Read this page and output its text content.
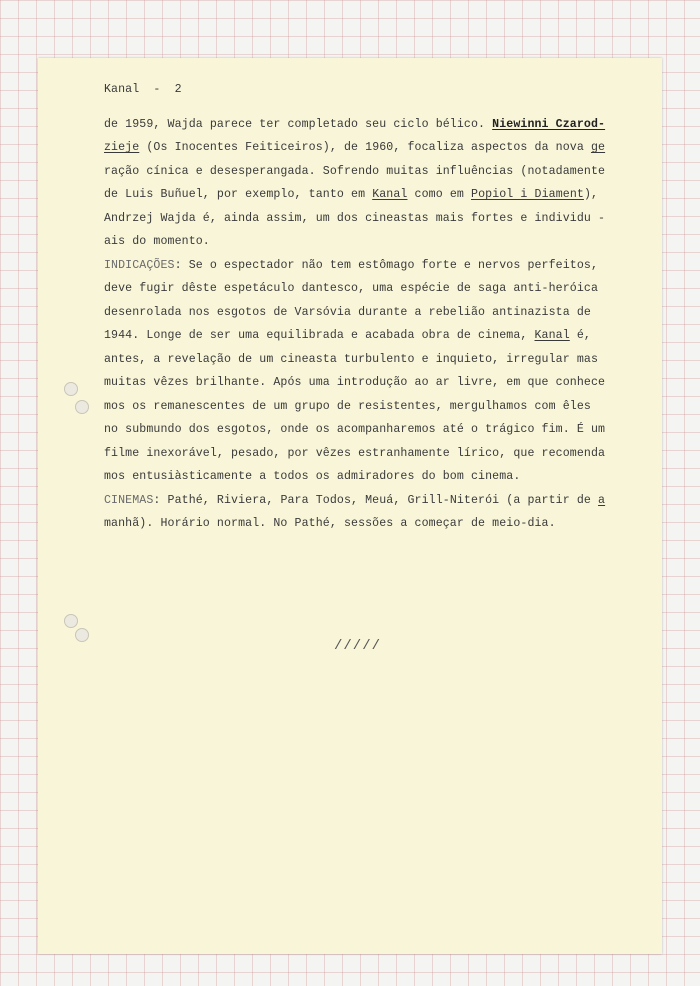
Kanal  -  2
de 1959, Wajda parece ter completado seu ciclo bélico. Niewinni Czarod-
zieje (Os Inocentes Feiticeiros), de 1960, focaliza aspectos da nova ge
ração cínica e desesperangada. Sofrendo muitas influências (notadamente
de Luis Buñuel, por exemplo, tanto em Kanal como em Popiol i Diament),
Andrzej Wajda é, ainda assim, um dos cineastas mais fortes e individu -
ais do momento.
INDICAÇÕES: Se o espectador não tem estômago forte e nervos perfeitos,
deve fugir dêste espetáculo dantesco, uma espécie de saga anti-heróica
desenrolada nos esgotos de Varsóvia durante a rebelião antinazista de
1944. Longe de ser uma equilibrada e acabada obra de cinema, Kanal é,
antes, a revelação de um cineasta turbulento e inquieto, irregular mas
muitas vêzes brilhante. Após uma introdução ao ar livre, em que conhece
mos os remanescentes de um grupo de resistentes, mergulhamos com êles
no submundo dos esgotos, onde os acompanharemos até o trágico fim. É um
filme inexorável, pesado, por vêzes estranhamente lírico, que recomenda
mos entusiàsticamente a todos os admiradores do bom cinema.
CINEMAS: Pathé, Riviera, Para Todos, Meuá, Grill-Niterói (a partir de a
manhã). Horário normal. No Pathé, sessões a começar de meio-dia.
/////
